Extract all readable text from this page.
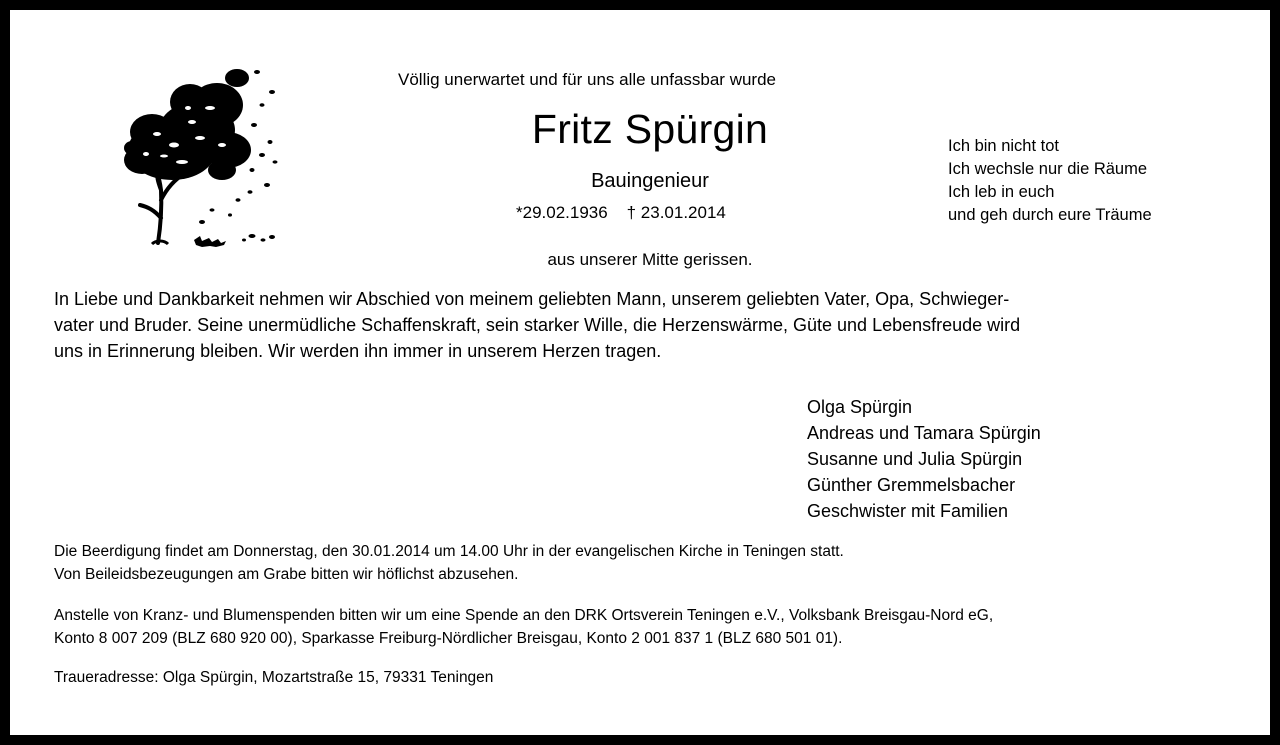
Völlig unerwartet und für uns alle unfassbar wurde
Fritz Spürgin
Bauingenieur
*29.02.1936 † 23.01.2014
Ich bin nicht tot
Ich wechsle nur die Räume
Ich leb in euch
und geh durch eure Träume
aus unserer Mitte gerissen.
In Liebe und Dankbarkeit nehmen wir Abschied von meinem geliebten Mann, unserem geliebten Vater, Opa, Schwieger-
vater und Bruder. Seine unermüdliche Schaffenskraft, sein starker Wille, die Herzenswärme, Güte und Lebensfreude wird
uns in Erinnerung bleiben. Wir werden ihn immer in unserem Herzen tragen.
Olga Spürgin
Andreas und Tamara Spürgin
Susanne und Julia Spürgin
Günther Gremmelsbacher
Geschwister mit Familien
Die Beerdigung findet am Donnerstag, den 30.01.2014 um 14.00 Uhr in der evangelischen Kirche in Teningen statt.
Von Beileidsbezeugungen am Grabe bitten wir höflichst abzusehen.
Anstelle von Kranz- und Blumenspenden bitten wir um eine Spende an den DRK Ortsverein Teningen e.V., Volksbank Breisgau-Nord eG,
Konto 8 007 209 (BLZ 680 920 00), Sparkasse Freiburg-Nördlicher Breisgau, Konto 2 001 837 1 (BLZ 680 501 01).
Traueradresse: Olga Spürgin, Mozartstraße 15, 79331 Teningen
